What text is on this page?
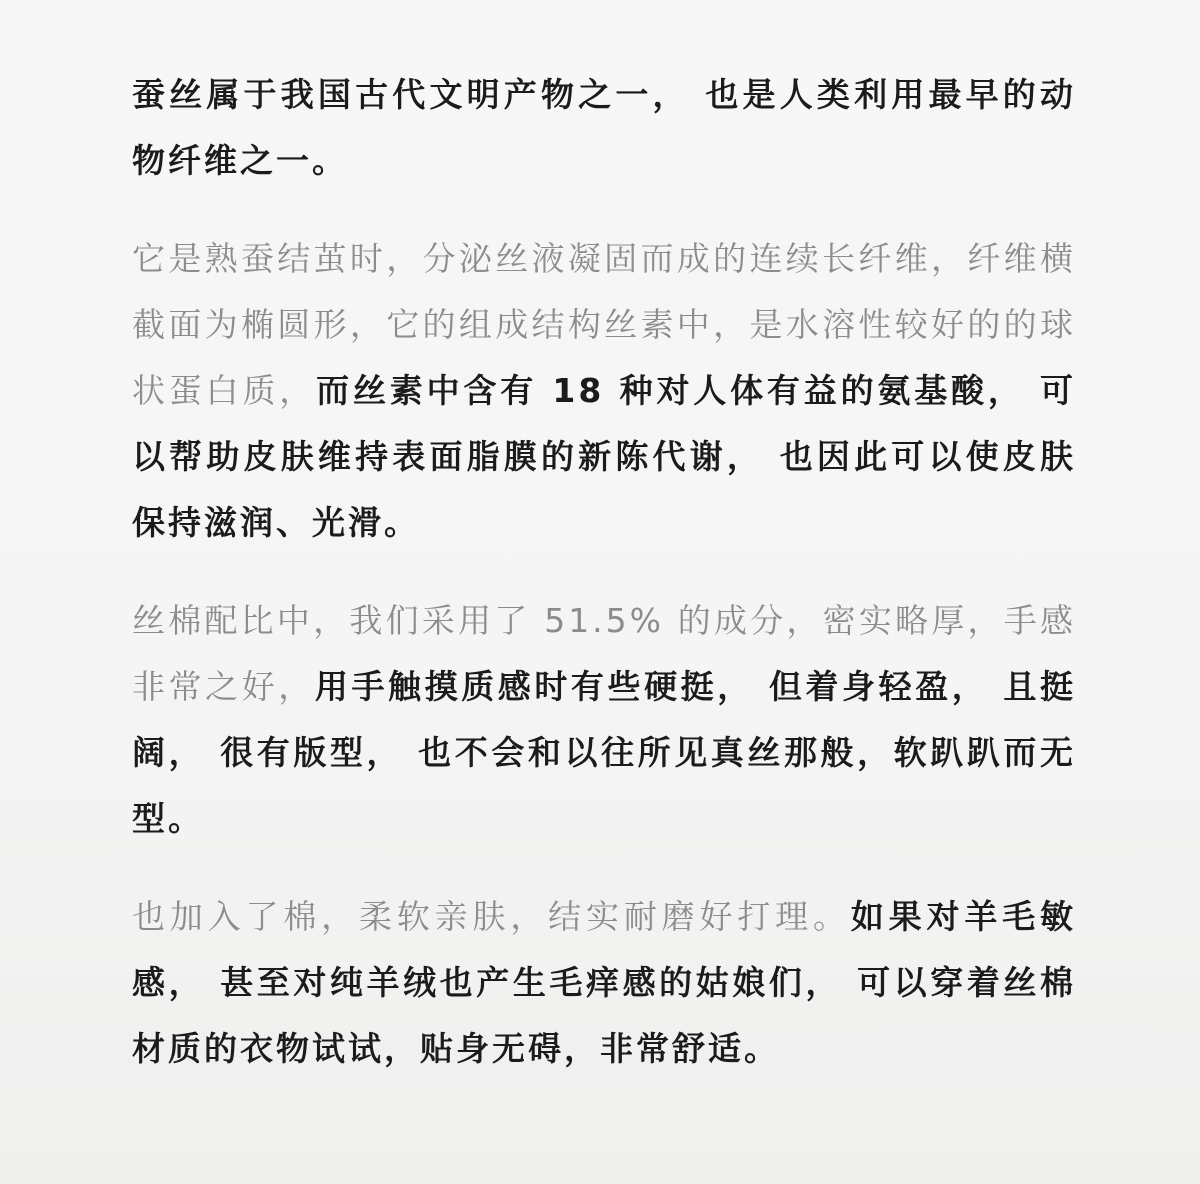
蚕丝属于我国古代文明产物之一， 也是人类利用最早的动物纤维之一。

它是熟蚕结茧时，分泌丝液凝固而成的连续长纤维，纤维横截面为椭圆形，它的组成结构丝素中，是水溶性较好的的球状蛋白质，而丝素中含有 18 种对人体有益的氨基酸， 可以帮助皮肤维持表面脂膜的新陈代谢， 也因此可以使皮肤保持滋润、光滑。

丝棉配比中，我们采用了 51.5% 的成分，密实略厚，手感非常之好，用手触摸质感时有些硬挺， 但着身轻盈， 且挺阔， 很有版型， 也不会和以往所见真丝那般，软趴趴而无型。

也加入了棉，柔软亲肤，结实耐磨好打理。如果对羊毛敏感， 甚至对纯羊绒也产生毛痒感的姑娘们， 可以穿着丝棉材质的衣物试试，贴身无碍，非常舒适。
